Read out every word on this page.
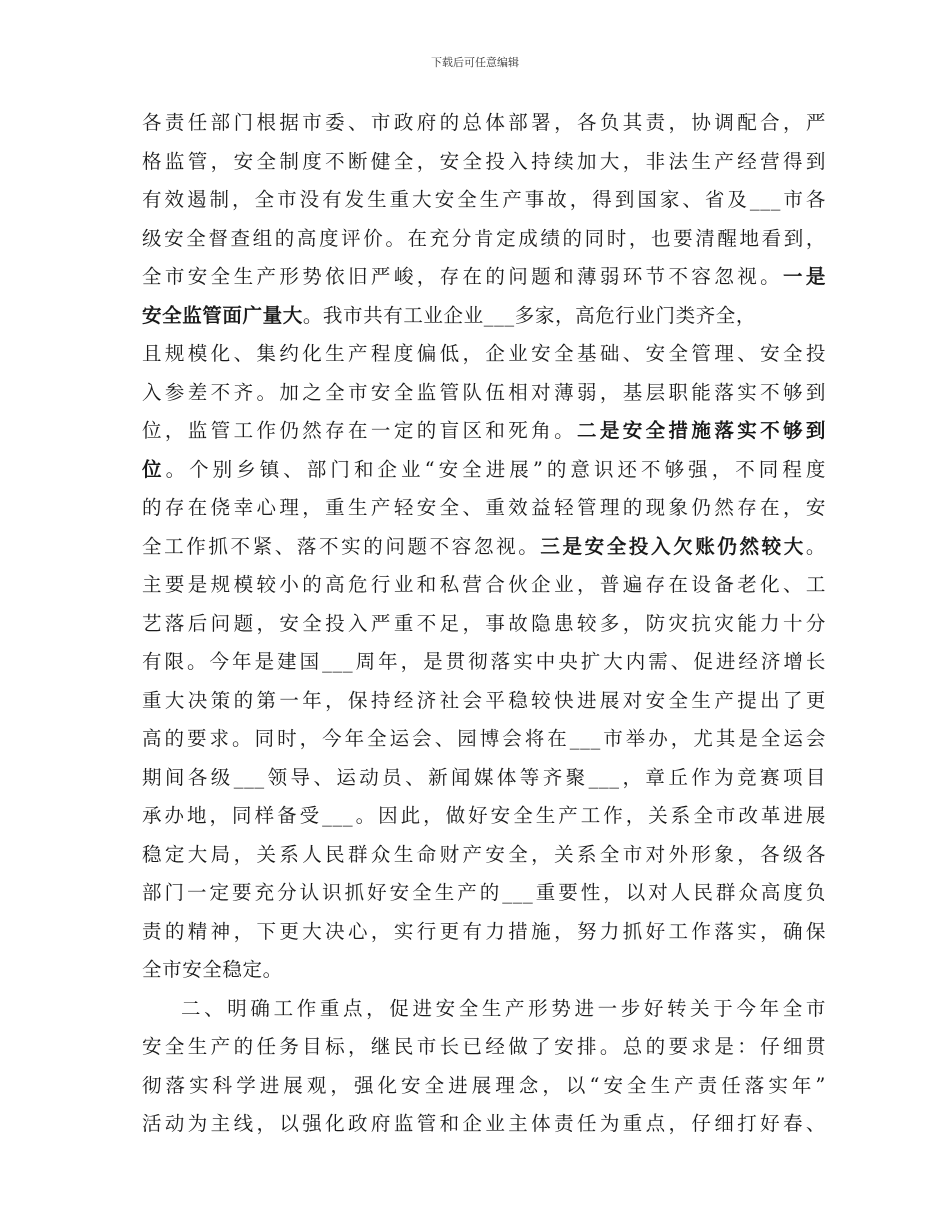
下载后可任意编辑
各责任部门根据市委、市政府的总体部署，各负其责，协调配合，严
格监管，安全制度不断健全，安全投入持续加大，非法生产经营得到
有效遏制，全市没有发生重大安全生产事故，得到国家、省及___市各
级安全督查组的高度评价。在充分肯定成绩的同时，也要清醒地看到，
全市安全生产形势依旧严峻，存在的问题和薄弱环节不容忽视。一是
安全监管面广量大。我市共有工业企业___多家，高危行业门类齐全，
且规模化、集约化生产程度偏低，企业安全基础、安全管理、安全投
入参差不齐。加之全市安全监管队伍相对薄弱，基层职能落实不够到
位，监管工作仍然存在一定的盲区和死角。二是安全措施落实不够到
位。个别乡镇、部门和企业“安全进展”的意识还不够强，不同程度
的存在侥幸心理，重生产轻安全、重效益轻管理的现象仍然存在，安
全工作抓不紧、落不实的问题不容忽视。三是安全投入欠账仍然较大。
主要是规模较小的高危行业和私营合伙企业，普遍存在设备老化、工
艺落后问题，安全投入严重不足，事故隐患较多，防灾抗灾能力十分
有限。今年是建国___周年，是贯彻落实中央扩大内需、促进经济增长
重大决策的第一年，保持经济社会平稳较快进展对安全生产提出了更
高的要求。同时，今年全运会、园博会将在___市举办，尤其是全运会
期间各级___领导、运动员、新闻媒体等齐聚___，章丘作为竞赛项目
承办地，同样备受___。因此，做好安全生产工作，关系全市改革进展
稳定大局，关系人民群众生命财产安全，关系全市对外形象，各级各
部门一定要充分认识抓好安全生产的___重要性，以对人民群众高度负
责的精神，下更大决心，实行更有力措施，努力抓好工作落实，确保
全市安全稳定。
二、明确工作重点，促进安全生产形势进一步好转关于今年全市
安全生产的任务目标，继民市长已经做了安排。总的要求是：仔细贯
彻落实科学进展观，强化安全进展理念，以“安全生产责任落实年”
活动为主线，以强化政府监管和企业主体责任为重点，仔细打好春、
